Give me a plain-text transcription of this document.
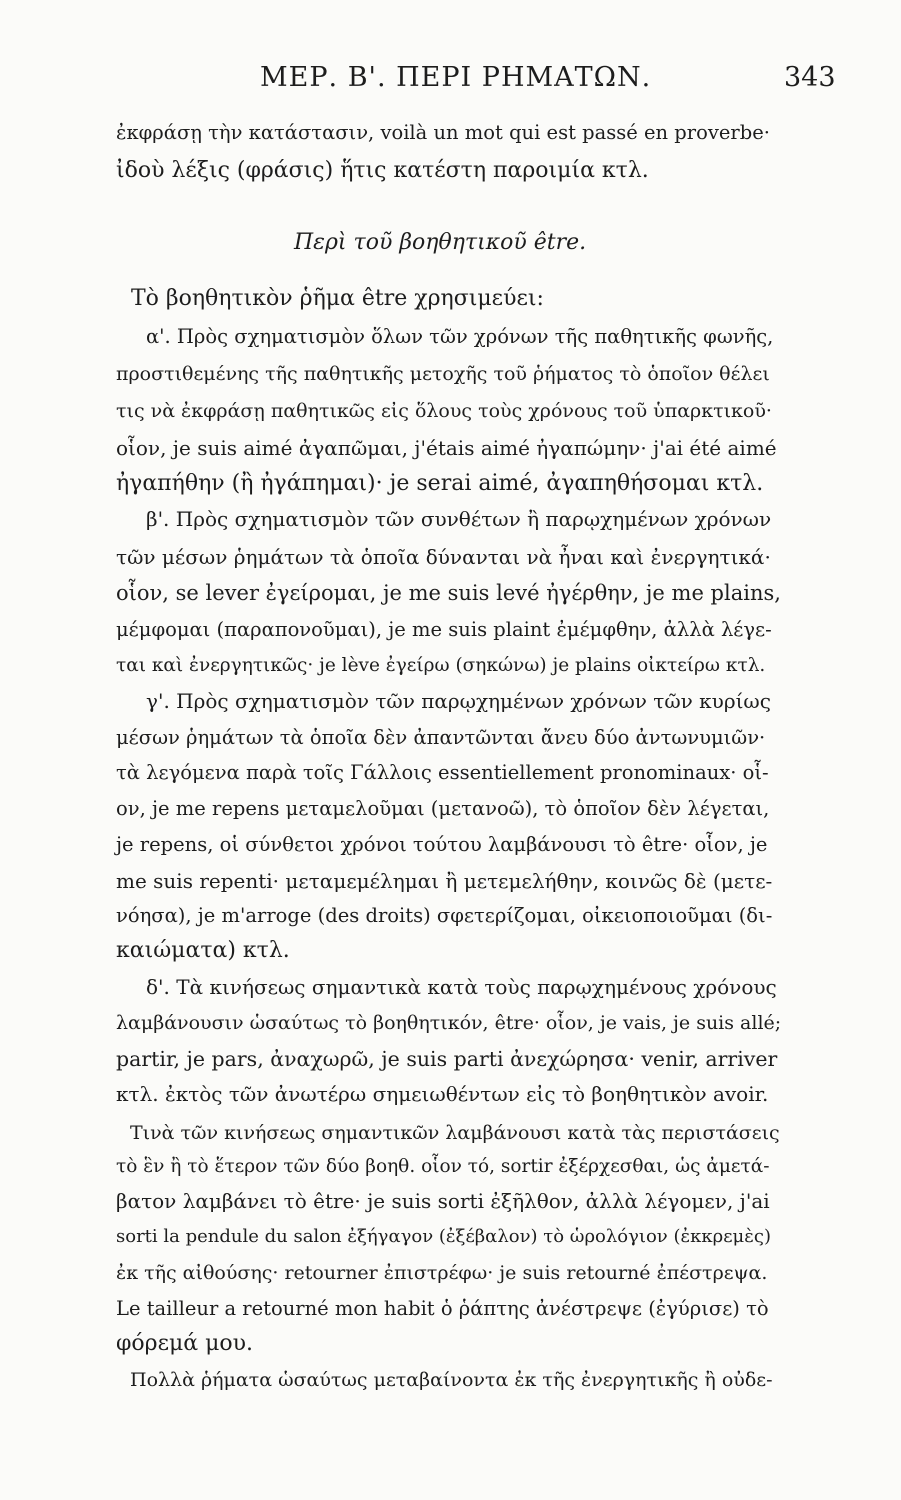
ΜΕΡ. Β'. ΠΕΡΙ ΡΗΜΑΤΩΝ.	343
ἐκφράσῃ τὴν κατάστασιν, voilà un mot qui est passé en proverbe·
ἰδοὺ λέξις (φράσις) ἥτις κατέστη παροιμία κτλ.
Περὶ τοῦ βοηθητικοῦ être.
Τὸ βοηθητικὸν ῥῆμα être χρησιμεύει:
α'. Πρὸς σχηματισμὸν ὅλων τῶν χρόνων τῆς παθητικῆς φωνῆς,
προστιθεμένης τῆς παθητικῆς μετοχῆς τοῦ ῥήματος τὸ ὁποῖον θέλει
τις νὰ ἐκφράσῃ παθητικῶς εἰς ὅλους τοὺς χρόνους τοῦ ὑπαρκτικοῦ·
οἷον, je suis aimé ἀγαπῶμαι, j'étais aimé ἠγαπώμην· j'ai été aimé
ἠγαπήθην (ἢ ἠγάπημαι)· je serai aimé, ἀγαπηθήσομαι κτλ.
β'. Πρὸς σχηματισμὸν τῶν συνθέτων ἢ παρῳχημένων χρόνων
τῶν μέσων ῥημάτων τὰ ὁποῖα δύνανται νὰ ἦναι καὶ ἐνεργητικά·
οἷον, se lever ἐγείρομαι, je me suis levé ἠγέρθην, je me plains,
μέμφομαι (παραπονοῦμαι), je me suis plaint ἐμέμφθην, ἀλλὰ λέγε-
ται καὶ ἐνεργητικῶς· je lève ἐγείρω (σηκώνω) je plains οἰκτείρω κτλ.
γ'. Πρὸς σχηματισμὸν τῶν παρῳχημένων χρόνων τῶν κυρίως
μέσων ῥημάτων τὰ ὁποῖα δὲν ἀπαντῶνται ἄνευ δύο ἀντωνυμιῶν·
τὰ λεγόμενα παρὰ τοῖς Γάλλοις essentiellement pronominaux· οἷ-
ον, je me repens μεταμελοῦμαι (μετανοῶ), τὸ ὁποῖον δὲν λέγεται,
je repens, οἱ σύνθετοι χρόνοι τούτου λαμβάνουσι τὸ être· οἷον, je
me suis repenti· μεταμεμέλημαι ἢ μετεμελήθην, κοινῶς δὲ (μετε-
νόησα), je m'arroge (des droits) σφετερίζομαι, οἰκειοποιοῦμαι (δι-
καιώματα) κτλ.
δ'. Τὰ κινήσεως σημαντικὰ κατὰ τοὺς παρῳχημένους χρόνους
λαμβάνουσιν ὡσαύτως τὸ βοηθητικόν, être· οἷον, je vais, je suis allé;
partir, je pars, ἀναχωρῶ, je suis parti ἀνεχώρησα· venir, arriver
κτλ. ἐκτὸς τῶν ἀνωτέρω σημειωθέντων εἰς τὸ βοηθητικὸν avoir.
Τινὰ τῶν κινήσεως σημαντικῶν λαμβάνουσι κατὰ τὰς περιστάσεις
τὸ ἓν ἢ τὸ ἕτερον τῶν δύο βοηθ. οἷον τό, sortir ἐξέρχεσθαι, ὡς ἀμετά-
βατον λαμβάνει τὸ être· je suis sorti ἐξῆλθον, ἀλλὰ λέγομεν, j'ai
sorti la pendule du salon ἐξήγαγον (ἐξέβαλον) τὸ ὡρολόγιον (ἐκκρεμὲς)
ἐκ τῆς αἰθούσης· retourner ἐπιστρέφω· je suis retourné ἐπέστρεψα.
Le tailleur a retourné mon habit ὁ ῥάπτης ἀνέστρεψε (ἐγύρισε) τὸ
φόρεμά μου.
Πολλὰ ῥήματα ὡσαύτως μεταβαίνοντα ἐκ τῆς ἐνεργητικῆς ἢ οὐδε-
